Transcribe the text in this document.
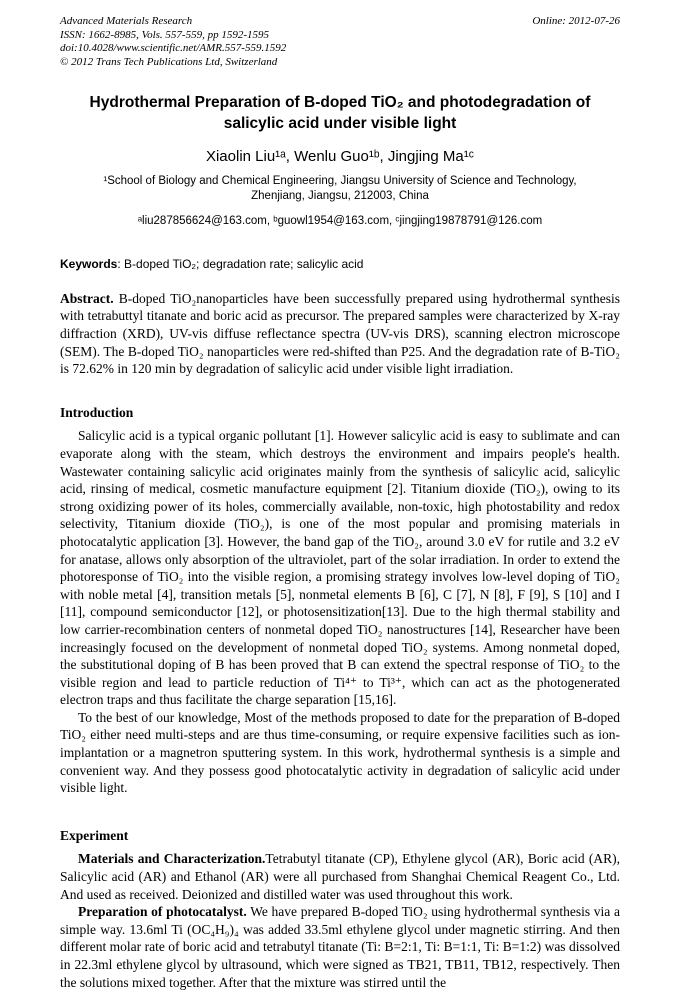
Advanced Materials Research
ISSN: 1662-8985, Vols. 557-559, pp 1592-1595
doi:10.4028/www.scientific.net/AMR.557-559.1592
© 2012 Trans Tech Publications Ltd, Switzerland
Online: 2012-07-26
Hydrothermal Preparation of B-doped TiO₂ and photodegradation of salicylic acid under visible light
Xiaolin Liu¹ᵃ, Wenlu Guo¹ᵇ, Jingjing Ma¹ᶜ
¹School of Biology and Chemical Engineering, Jiangsu University of Science and Technology, Zhenjiang, Jiangsu, 212003, China
ᵃliu287856624@163.com, ᵇguowl1954@163.com, ᶜjingjing19878791@126.com
Keywords: B-doped TiO₂; degradation rate; salicylic acid

Abstract. B-doped TiO₂nanoparticles have been successfully prepared using hydrothermal synthesis with tetrabuttyl titanate and boric acid as precursor. The prepared samples were characterized by X-ray diffraction (XRD), UV-vis diffuse reflectance spectra (UV-vis DRS), scanning electron microscope (SEM). The B-doped TiO₂ nanoparticles were red-shifted than P25. And the degradation rate of B-TiO₂ is 72.62% in 120 min by degradation of salicylic acid under visible light irradiation.

Introduction

Salicylic acid is a typical organic pollutant [1]. However salicylic acid is easy to sublimate and can evaporate along with the steam, which destroys the environment and impairs people's health. Wastewater containing salicylic acid originates mainly from the synthesis of salicylic acid, salicylic acid, rinsing of medical, cosmetic manufacture equipment [2]. Titanium dioxide (TiO₂), owing to its strong oxidizing power of its holes, commercially available, non-toxic, high photostability and redox selectivity, Titanium dioxide (TiO₂), is one of the most popular and promising materials in photocatalytic application [3]. However, the band gap of the TiO₂, around 3.0 eV for rutile and 3.2 eV for anatase, allows only absorption of the ultraviolet, part of the solar irradiation. In order to extend the photoresponse of TiO₂ into the visible region, a promising strategy involves low-level doping of TiO₂ with noble metal [4], transition metals [5], nonmetal elements B [6], C [7], N [8], F [9], S [10] and I [11], compound semiconductor [12], or photosensitization[13]. Due to the high thermal stability and low carrier-recombination centers of nonmetal doped TiO₂ nanostructures [14], Researcher have been increasingly focused on the development of nonmetal doped TiO₂ systems. Among nonmetal doped, the substitutional doping of B has been proved that B can extend the spectral response of TiO₂ to the visible region and lead to particle reduction of Ti⁴⁺ to Ti³⁺, which can act as the photogenerated electron traps and thus facilitate the charge separation [15,16].

To the best of our knowledge, Most of the methods proposed to date for the preparation of B-doped TiO₂ either need multi-steps and are thus time-consuming, or require expensive facilities such as ion-implantation or a magnetron sputtering system. In this work, hydrothermal synthesis is a simple and convenient way. And they possess good photocatalytic activity in degradation of salicylic acid under visible light.

Experiment

Materials and Characterization.Tetrabutyl titanate (CP), Ethylene glycol (AR), Boric acid (AR), Salicylic acid (AR) and Ethanol (AR) were all purchased from Shanghai Chemical Reagent Co., Ltd. And used as received. Deionized and distilled water was used throughout this work.

Preparation of photocatalyst. We have prepared B-doped TiO₂ using hydrothermal synthesis via a simple way. 13.6ml Ti (OC₄H₉)₄ was added 33.5ml ethylene glycol under magnetic stirring. And then different molar rate of boric acid and tetrabutyl titanate (Ti: B=2:1, Ti: B=1:1, Ti: B=1:2) was dissolved in 22.3ml ethylene glycol by ultrasound, which were signed as TB21, TB11, TB12, respectively. Then the solutions mixed together. After that the mixture was stirred until the
